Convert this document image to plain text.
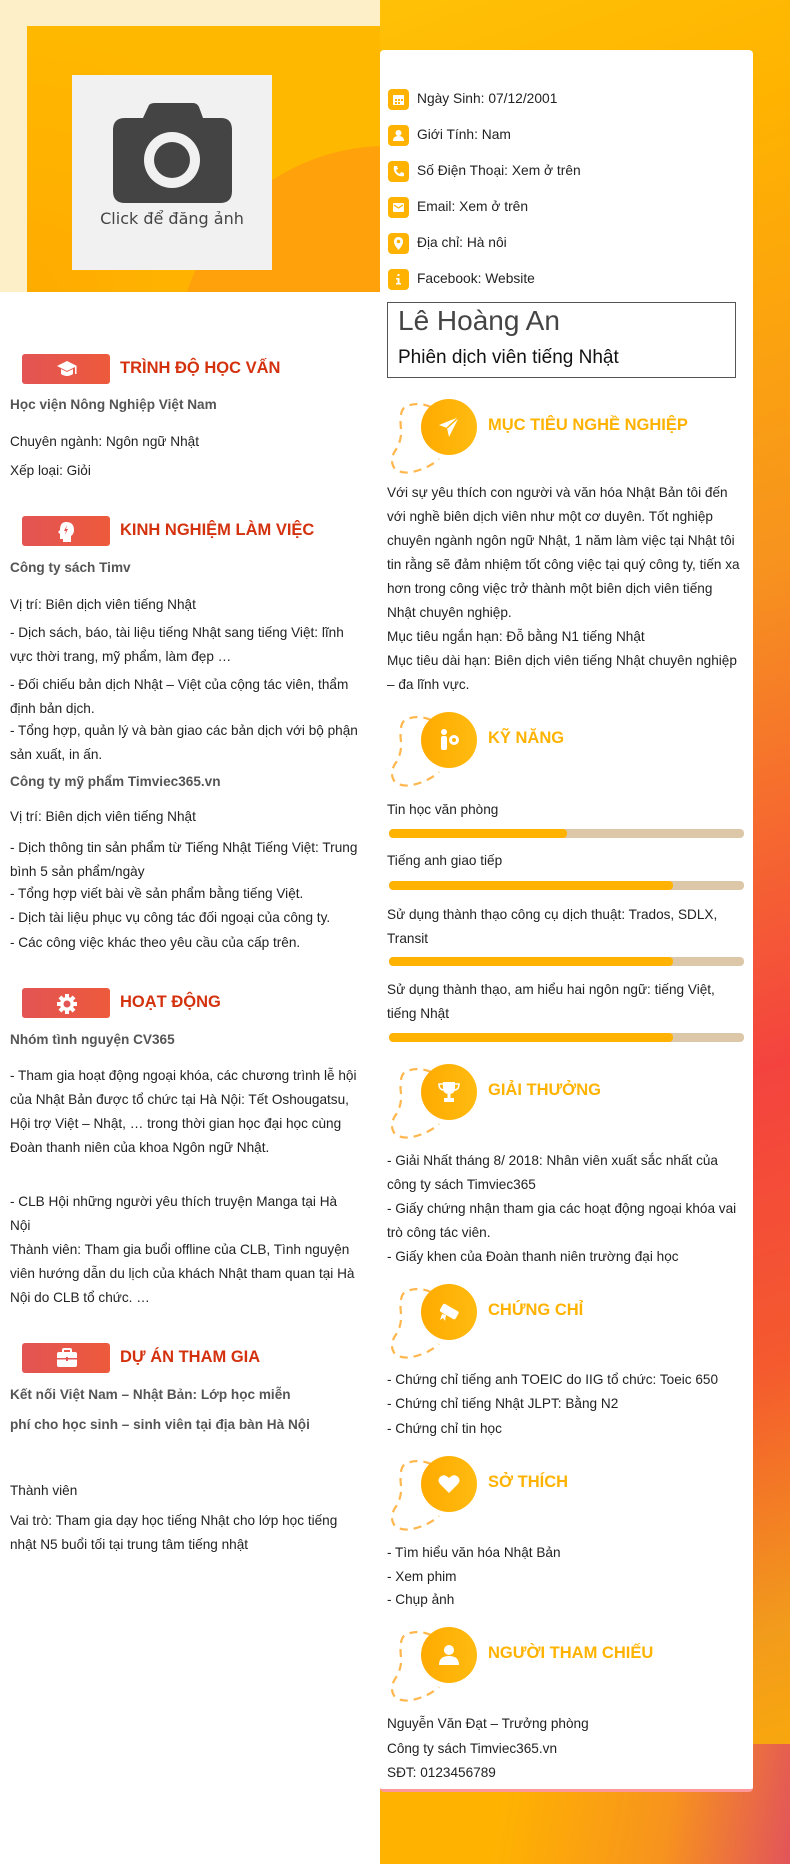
Click để đăng ảnh
Ngày Sinh: 07/12/2001
Giới Tính: Nam
Số Điện Thoại: Xem ở trên
Email: Xem ở trên
Địa chỉ: Hà nôi
Facebook: Website
Lê Hoàng An
Phiên dịch viên tiếng Nhật
TRÌNH ĐỘ HỌC VẤN
Học viện Nông Nghiệp Việt Nam
Chuyên ngành: Ngôn ngữ Nhật
Xếp loại: Giỏi
KINH NGHIỆM LÀM VIỆC
Công ty sách Timv
Vị trí: Biên dịch viên tiếng Nhật
- Dịch sách, báo, tài liệu tiếng Nhật sang tiếng Việt: lĩnh vực thời trang, mỹ phẩm, làm đẹp …
- Đối chiếu bản dịch Nhật – Việt của cộng tác viên, thẩm định bản dịch.
- Tổng hợp, quản lý và bàn giao các bản dịch với bộ phận sản xuất, in ấn.
Công ty mỹ phẩm Timviec365.vn
Vị trí: Biên dịch viên tiếng Nhật
- Dịch thông tin sản phẩm từ Tiếng Nhật Tiếng Việt: Trung bình 5 sản phẩm/ngày
- Tổng hợp viết bài về sản phẩm bằng tiếng Việt.
- Dịch tài liệu phục vụ công tác đối ngoại của công ty.
- Các công việc khác theo yêu cầu của cấp trên.
HOẠT ĐỘNG
Nhóm tình nguyện CV365
- Tham gia hoạt động ngoại khóa, các chương trình lễ hội của Nhật Bản được tổ chức tại Hà Nội: Tết Oshougatsu, Hội trợ Việt – Nhật, … trong thời gian học đại học cùng Đoàn thanh niên của khoa Ngôn ngữ Nhật.
- CLB Hội những người yêu thích truyện Manga tại Hà Nội
Thành viên: Tham gia buổi offline của CLB, Tình nguyện viên hướng dẫn du lịch của khách Nhật tham quan tại Hà Nội do CLB tổ chức. …
DỰ ÁN THAM GIA
Kết nối Việt Nam – Nhật Bản: Lớp học miễn phí cho học sinh – sinh viên tại địa bàn Hà Nội
Thành viên
Vai trò: Tham gia dạy học tiếng Nhật cho lớp học tiếng nhật N5 buổi tối tại trung tâm tiếng nhật
MỤC TIÊU NGHỀ NGHIỆP
KỸ NĂNG
GIẢI THƯỞNG
CHỨNG CHỈ
SỞ THÍCH
NGƯỜI THAM CHIẾU
Với sự yêu thích con người và văn hóa Nhật Bản tôi đến với nghề biên dịch viên như một cơ duyên. Tốt nghiệp chuyên ngành ngôn ngữ Nhật, 1 năm làm việc tại Nhật tôi tin rằng sẽ đảm nhiệm tốt công việc tại quý công ty, tiến xa hơn trong công việc trở thành một biên dịch viên tiếng Nhật chuyên nghiệp.
Mục tiêu ngắn hạn: Đỗ bằng N1 tiếng Nhật
Mục tiêu dài hạn: Biên dịch viên tiếng Nhật chuyên nghiệp – đa lĩnh vực.
Tin học văn phòng
Tiếng anh giao tiếp
Sử dụng thành thạo công cụ dịch thuật: Trados, SDLX, Transit
Sử dụng thành thạo, am hiểu hai ngôn ngữ: tiếng Việt, tiếng Nhật
- Giải Nhất tháng 8/ 2018: Nhân viên xuất sắc nhất của công ty sách Timviec365
- Giấy chứng nhận tham gia các hoạt động ngoại khóa vai trò công tác viên.
- Giấy khen của Đoàn thanh niên trường đại học
- Chứng chỉ tiếng anh TOEIC do IIG tổ chức: Toeic 650
- Chứng chỉ tiếng Nhật JLPT: Bằng N2
- Chứng chỉ tin học
- Tìm hiểu văn hóa Nhật Bản
- Xem phim
- Chụp ảnh
Nguyễn Văn Đạt – Trưởng phòng
Công ty sách Timviec365.vn
SĐT: 0123456789
